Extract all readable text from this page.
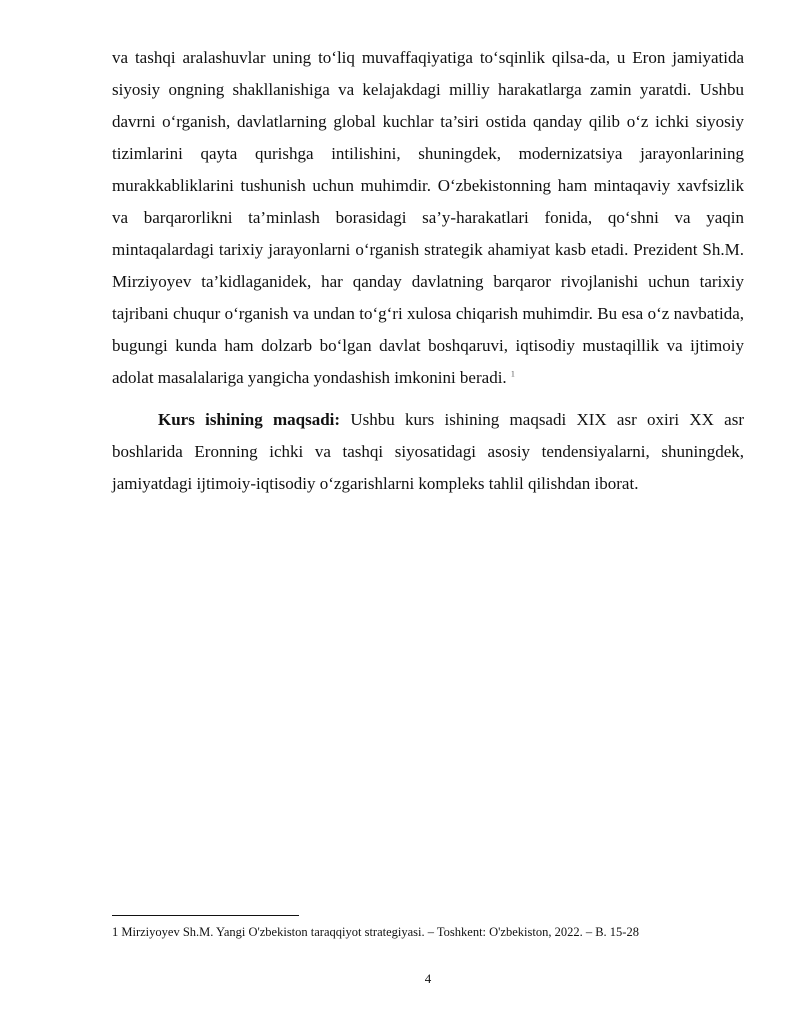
va tashqi aralashuvlar uning to‘liq muvaffaqiyatiga to‘sqinlik qilsa-da, u Eron jamiyatida siyosiy ongning shakllanishiga va kelajakdagi milliy harakatlarga zamin yaratdi. Ushbu davrni o‘rganish, davlatlarning global kuchlar ta’siri ostida qanday qilib o‘z ichki siyosiy tizimlarini qayta qurishga intilishini, shuningdek, modernizatsiya jarayonlarining murakkabliklarini tushunish uchun muhimdir. O‘zbekistonning ham mintaqaviy xavfsizlik va barqarorlikni ta’minlash borasidagi sa’y-harakatlari fonida, qo‘shni va yaqin mintaqalardagi tarixiy jarayonlarni o‘rganish strategik ahamiyat kasb etadi. Prezident Sh.M. Mirziyoyev ta’kidlaganidek, har qanday davlatning barqaror rivojlanishi uchun tarixiy tajribani chuqur o‘rganish va undan to‘g‘ri xulosa chiqarish muhimdir. Bu esa o‘z navbatida, bugungi kunda ham dolzarb bo‘lgan davlat boshqaruvi, iqtisodiy mustaqillik va ijtimoiy adolat masalalariga yangicha yondashish imkonini beradi. $^1$

Kurs ishining maqsadi: Ushbu kurs ishining maqsadi XIX asr oxiri XX asr boshlarida Eronning ichki va tashqi siyosatidagi asosiy tendensiyalarni, shuningdek, jamiyatdagi ijtimoiy-iqtisodiy o‘zgarishlarni kompleks tahlil qilishdan iborat.

1 Mirziyoyev Sh.M. Yangi O'zbekiston taraqqiyot strategiyasi. – Toshkent: O'zbekiston, 2022. – B. 15-28
4
